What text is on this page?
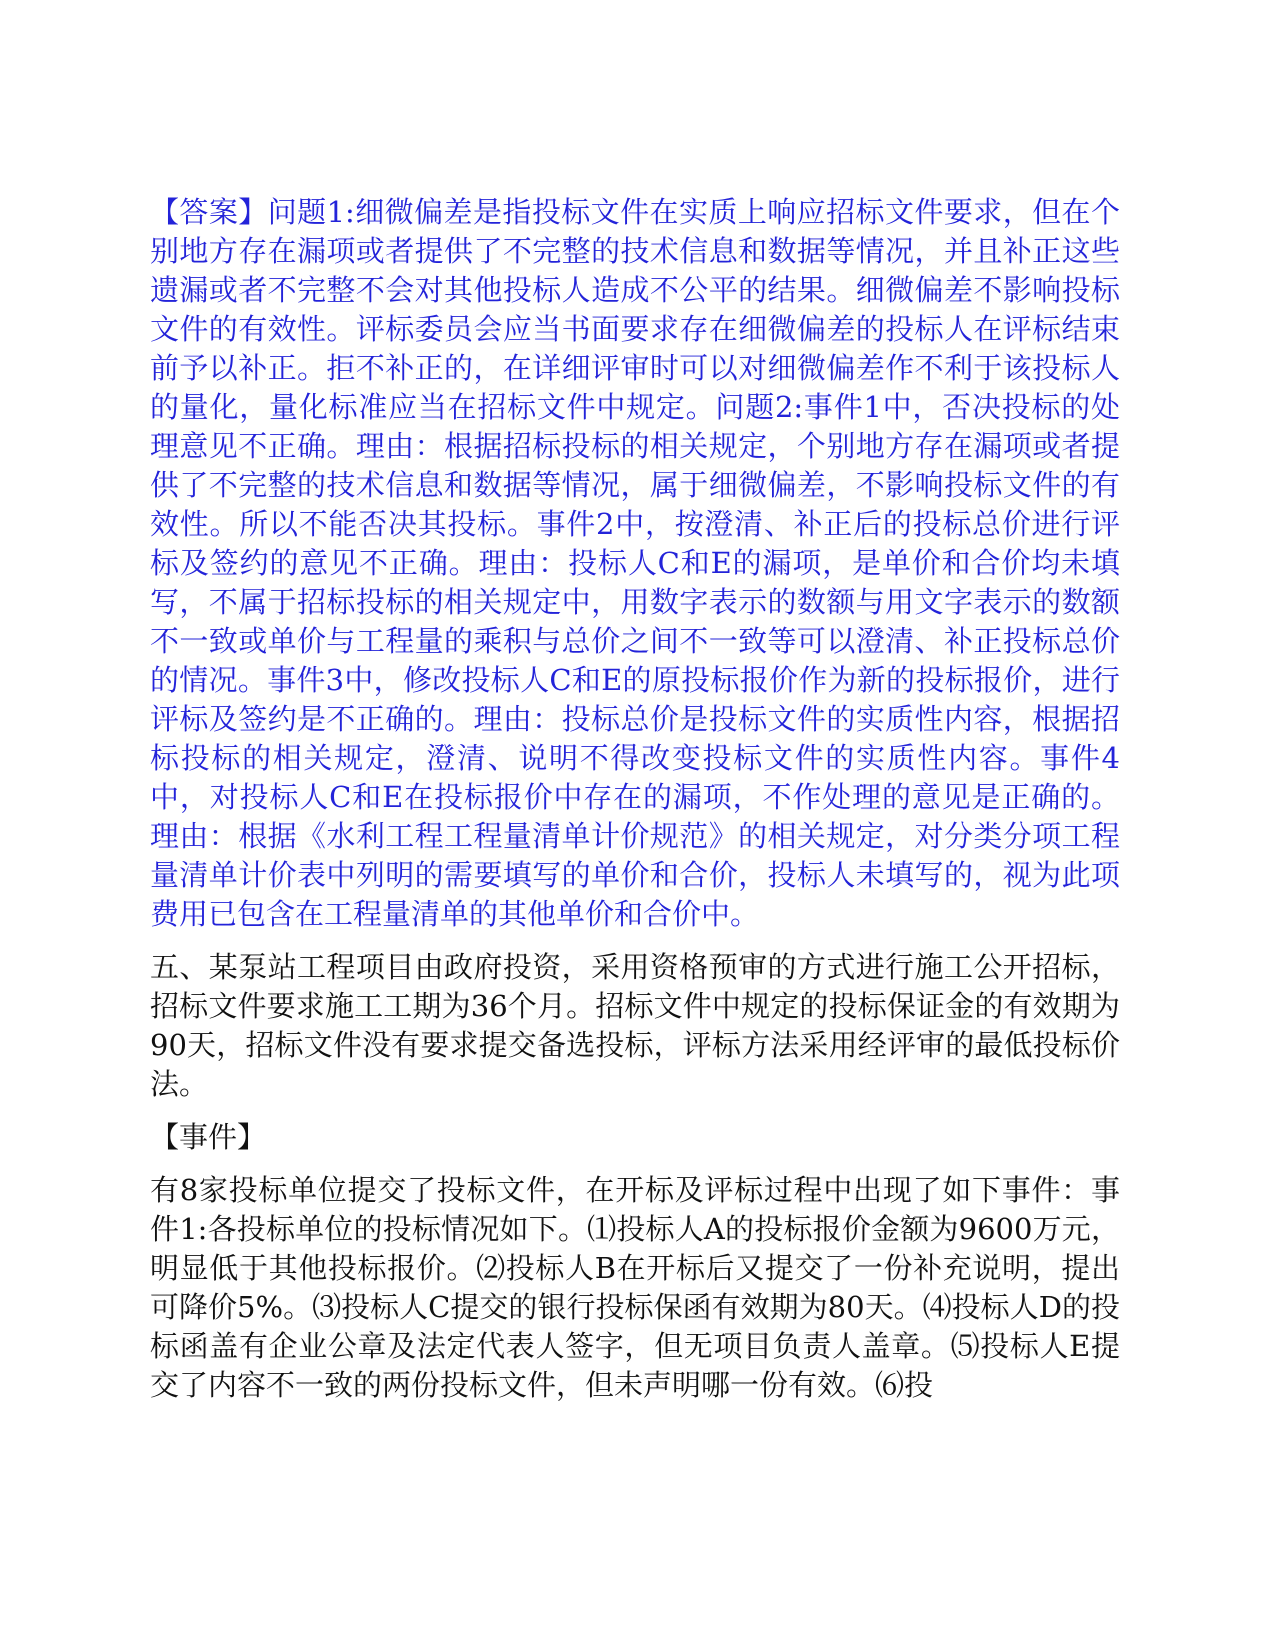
【答案】问题1:细微偏差是指投标文件在实质上响应招标文件要求，但在个别地方存在漏项或者提供了不完整的技术信息和数据等情况，并且补正这些遗漏或者不完整不会对其他投标人造成不公平的结果。细微偏差不影响投标文件的有效性。评标委员会应当书面要求存在细微偏差的投标人在评标结束前予以补正。拒不补正的，在详细评审时可以对细微偏差作不利于该投标人的量化，量化标准应当在招标文件中规定。问题2:事件1中，否决投标的处理意见不正确。理由：根据招标投标的相关规定，个别地方存在漏项或者提供了不完整的技术信息和数据等情况，属于细微偏差，不影响投标文件的有效性。所以不能否决其投标。事件2中，按澄清、补正后的投标总价进行评标及签约的意见不正确。理由：投标人C和E的漏项，是单价和合价均未填写，不属于招标投标的相关规定中，用数字表示的数额与用文字表示的数额不一致或单价与工程量的乘积与总价之间不一致等可以澄清、补正投标总价的情况。事件3中，修改投标人C和E的原投标报价作为新的投标报价，进行评标及签约是不正确的。理由：投标总价是投标文件的实质性内容，根据招标投标的相关规定，澄清、说明不得改变投标文件的实质性内容。事件4中，对投标人C和E在投标报价中存在的漏项，不作处理的意见是正确的。理由：根据《水利工程工程量清单计价规范》的相关规定，对分类分项工程量清单计价表中列明的需要填写的单价和合价，投标人未填写的，视为此项费用已包含在工程量清单的其他单价和合价中。

五、某泵站工程项目由政府投资，采用资格预审的方式进行施工公开招标，招标文件要求施工工期为36个月。招标文件中规定的投标保证金的有效期为90天，招标文件没有要求提交备选投标，评标方法采用经评审的最低投标价法。

【事件】

有8家投标单位提交了投标文件，在开标及评标过程中出现了如下事件：事件1:各投标单位的投标情况如下。⑴投标人A的投标报价金额为9600万元，明显低于其他投标报价。⑵投标人B在开标后又提交了一份补充说明，提出可降价5%。⑶投标人C提交的银行投标保函有效期为80天。⑷投标人D的投标函盖有企业公章及法定代表人签字，但无项目负责人盖章。⑸投标人E提交了内容不一致的两份投标文件，但未声明哪一份有效。⑹投
